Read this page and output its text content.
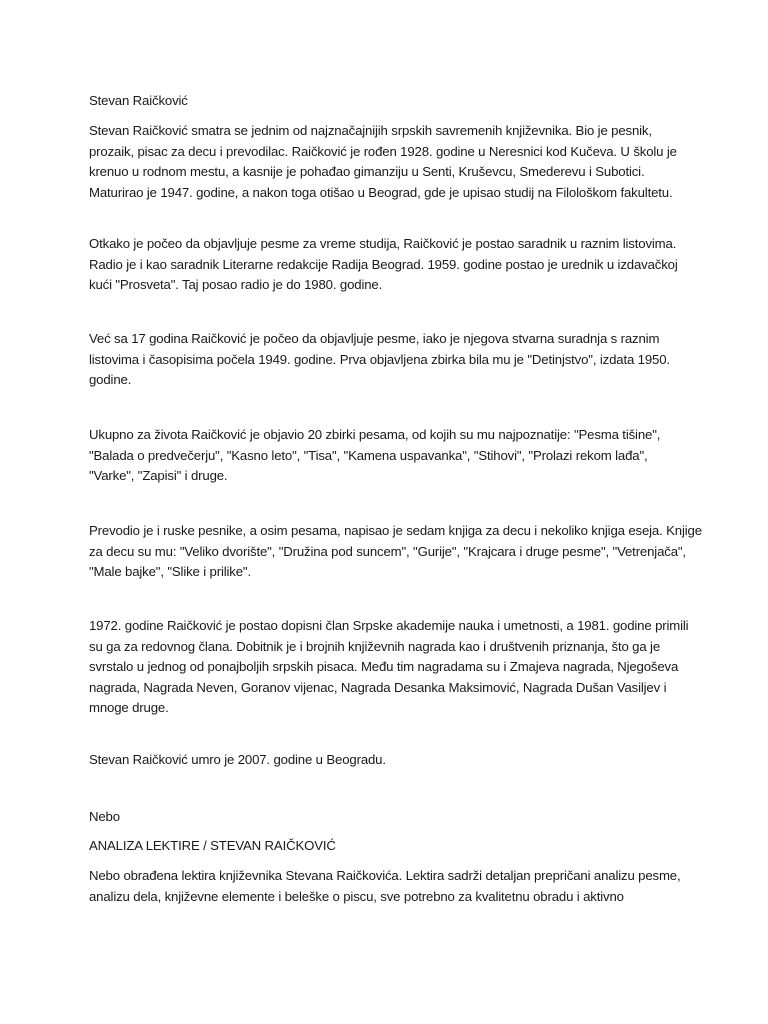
Stevan Raičković
Stevan Raičković smatra se jednim od najznačajnijih srpskih savremenih književnika. Bio je pesnik,
prozaik, pisac za decu i prevodilac. Raičković je rođen 1928. godine u Neresnici kod Kučeva. U školu je
krenuo u rodnom mestu, a kasnije je pohađao gimanziju u Senti, Kruševcu, Smederevu i Subotici.
Maturirao je 1947. godine, a nakon toga otišao u Beograd, gde je upisao studij na Filološkom fakultetu.
Otkako je počeo da objavljuje pesme za vreme studija, Raičković je postao saradnik u raznim listovima.
Radio je i kao saradnik Literarne redakcije Radija Beograd. 1959. godine postao je urednik u izdavačkoj
kući "Prosveta". Taj posao radio je do 1980. godine.
Već sa 17 godina Raičković je počeo da objavljuje pesme, iako je njegova stvarna suradnja s raznim
listovima i časopisima počela 1949. godine. Prva objavljena zbirka bila mu je "Detinjstvo", izdata 1950.
godine.
Ukupno za života Raičković je objavio 20 zbirki pesama, od kojih su mu najpoznatije: "Pesma tišine",
"Balada o predvečerju", "Kasno leto", "Tisa", "Kamena uspavanka", "Stihovi", "Prolazi rekom lađa",
"Varke", "Zapisi" i druge.
Prevodio je i ruske pesnike, a osim pesama, napisao je sedam knjiga za decu i nekoliko knjiga eseja. Knjige
za decu su mu: "Veliko dvorište", "Družina pod suncem", "Gurije", "Krajcara i druge pesme", "Vetrenjača",
"Male bajke", "Slike i prilike".
1972. godine Raičković je postao dopisni član Srpske akademije nauka i umetnosti, a 1981. godine primili
su ga za redovnog člana. Dobitnik je i brojnih književnih nagrada kao i društvenih priznanja, što ga je
svrstalo u jednog od ponajboljih srpskih pisaca. Među tim nagradama su i Zmajeva nagrada, Njegoševa
nagrada, Nagrada Neven, Goranov vijenac, Nagrada Desanka Maksimović, Nagrada Dušan Vasiljev i
mnoge druge.
Stevan Raičković umro je 2007. godine u Beogradu.
Nebo
ANALIZA LEKTIRE / STEVAN RAIČKOVIĆ
Nebo obrađena lektira književnika Stevana Raičkovića. Lektira sadrži detaljan prepričani analizu pesme,
analizu dela, književne elemente i beleške o piscu, sve potrebno za kvalitetnu obradu i aktivno
